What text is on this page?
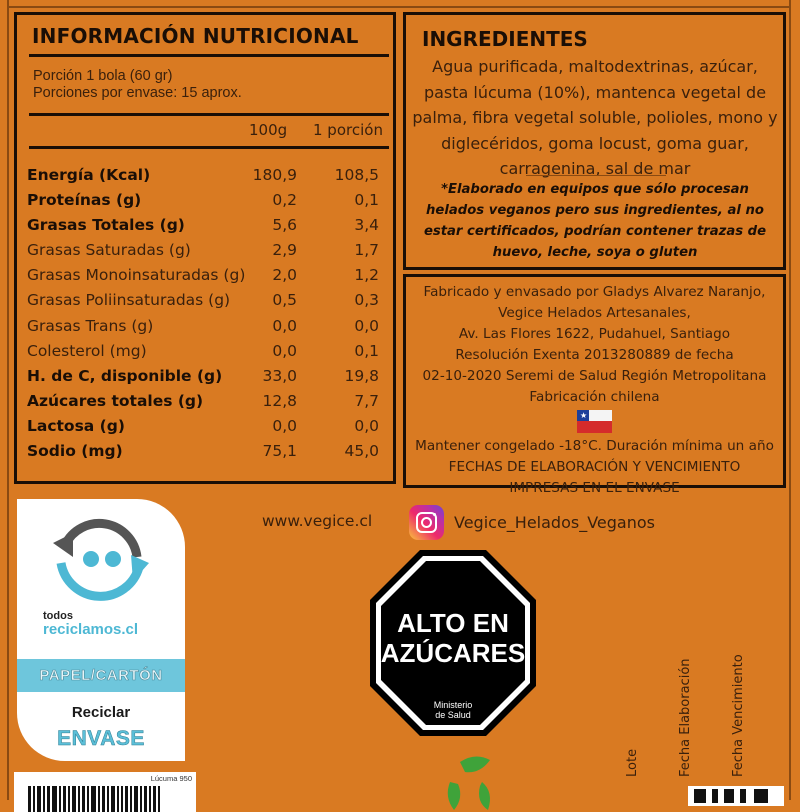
INFORMACIÓN NUTRICIONAL
Porción 1 bola (60 gr)
Porciones por envase: 15 aprox.
100g 1 porción
Energía (Kcal)	180,9 108,5
Proteínas (g)	0,2	0,1
Grasas Totales (g)	5,6	3,4
Grasas Saturadas (g)	2,9	1,7
Grasas Monoinsaturadas (g) 2,0	1,2
Grasas Poliinsaturadas (g)	0,5	0,3
Grasas Trans (g)	0,0	0,0
Colesterol (mg)	0,0	0,1
H. de C, disponible (g)	33,0	19,8
Azúcares totales (g)	12,8	7,7
Lactosa (g)	0,0	0,0
Sodio (mg)	75,1	45,0
INGREDIENTES
Agua purificada, maltodextrinas, azúcar, pasta lúcuma (10%), mantenca vegetal de palma, fibra vegetal soluble, polioles, mono y diglecéridos, goma locust, goma guar, carragenina, sal de mar
*Elaborado en equipos que sólo procesan helados veganos pero sus ingredientes, al no estar certificados, podrían contener trazas de huevo, leche, soya o gluten
Fabricado y envasado por Gladys Alvarez Naranjo,
Vegice Helados Artesanales,
Av. Las Flores 1622, Pudahuel, Santiago
Resolución Exenta 2013280889 de fecha
02-10-2020 Seremi de Salud Región Metropolitana
Fabricación chilena
★
Mantener congelado -18°C. Duración mínima un año
FECHAS DE ELABORACIÓN Y VENCIMIENTO
IMPRESAS EN EL ENVASE
todos
reciclamos.cl
PAPEL/CARTÓN
Reciclar
ENVASE
Lúcuma 950
www.vegice.cl	Vegice_Helados_Veganos
ALTO EN
AZÚCARES
Ministerio
de Salud
Lote	Fecha Elaboración	Fecha Vencimiento
